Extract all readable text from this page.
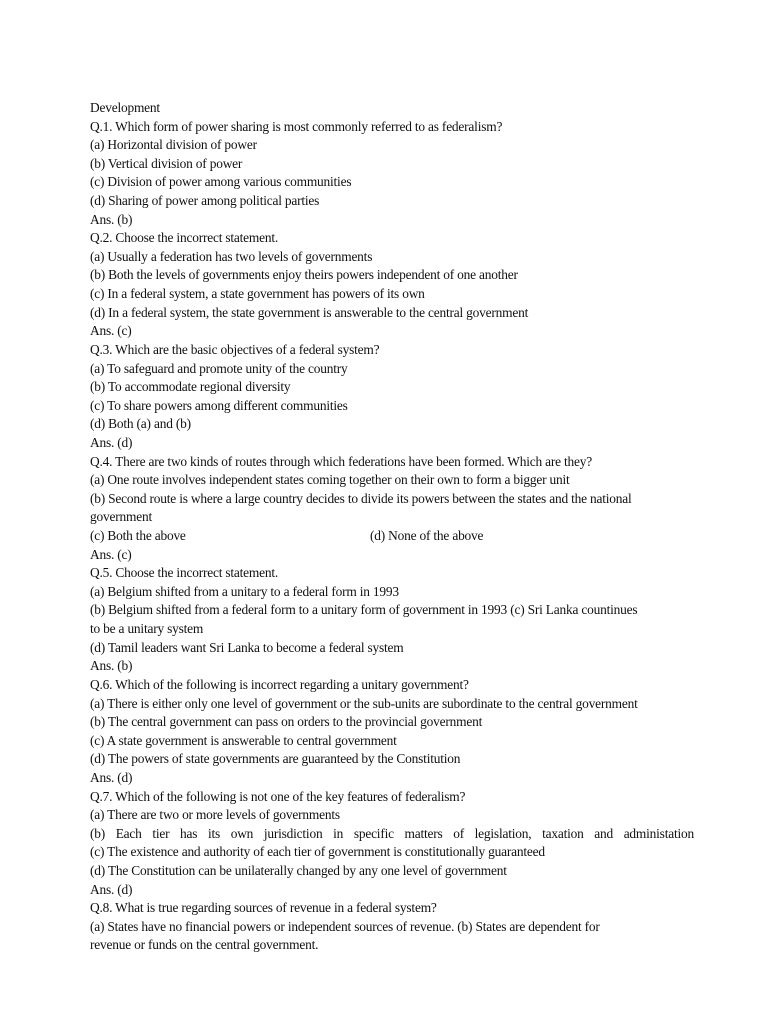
Development
Q.1. Which form of power sharing is most commonly referred to as federalism?
(a) Horizontal division of power
(b) Vertical division of power
(c) Division of power among various communities
(d) Sharing of power among political parties
Ans. (b)
Q.2. Choose the incorrect statement.
(a) Usually a federation has two levels of governments
(b) Both the levels of governments enjoy theirs powers independent of one another
(c) In a federal system, a state government has powers of its own
(d) In a federal system, the state government is answerable to the central government
Ans. (c)
Q.3. Which are the basic objectives of a federal system?
(a) To safeguard and promote unity of the country
(b) To accommodate regional diversity
(c) To share powers among different communities
(d) Both (a) and (b)
Ans. (d)
Q.4. There are two kinds of routes through which federations have been formed. Which are they?
(a) One route involves independent states coming together on their own to form a bigger unit
(b) Second route is where a large country decides to divide its powers between the states and the national
government
(c) Both the above	(d) None of the above
Ans. (c)
Q.5. Choose the incorrect statement.
(a) Belgium shifted from a unitary to a federal form in 1993
(b) Belgium shifted from a federal form to a unitary form of government in 1993 (c) Sri Lanka countinues
to be a unitary system
(d) Tamil leaders want Sri Lanka to become a federal system
Ans. (b)
Q.6. Which of the following is incorrect regarding a unitary government?
(a) There is either only one level of government or the sub-units are subordinate to the central government
(b) The central government can pass on orders to the provincial government
(c) A state government is answerable to central government
(d) The powers of state governments are guaranteed by the Constitution
Ans. (d)
Q.7. Which of the following is not one of the key features of federalism?
(a) There are two or more levels of governments
(b) Each tier has its own jurisdiction in specific matters of legislation, taxation and administation
(c) The existence and authority of each tier of government is constitutionally guaranteed
(d) The Constitution can be unilaterally changed by any one level of government
Ans. (d)
Q.8. What is true regarding sources of revenue in a federal system?
(a) States have no financial powers or independent sources of revenue. (b) States are dependent for
revenue or funds on the central government.
